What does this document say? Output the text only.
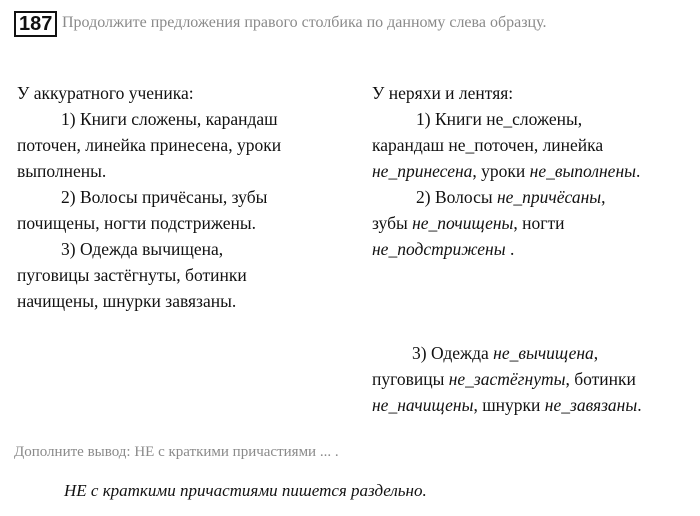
187 Продолжите предложения правого столбика по данному слева образцу.

У аккуратного ученика:

1) Книги сложены, карандаш

поточен, линейка принесена, уроки

выполнены.

2) Волосы причёсаны, зубы

почищены, ногти подстрижены.

3) Одежда вычищена,

пуговицы застёгнуты, ботинки

начищены, шнурки завязаны.

У неряхи и лентяя:

1) Книги не_сложены,

карандаш не_поточен, линейка

не_принесена, уроки не_выполнены.

2) Волосы не_причёсаны,

зубы не_почищены, ногти

не_подстрижены .

3) Одежда не_вычищена,

пуговицы не_застёгнуты, ботинки

не_начищены, шнурки не_завязаны.

Дополните вывод: НЕ с краткими причастиями ... .
НЕ с краткими причастиями пишется раздельно.
